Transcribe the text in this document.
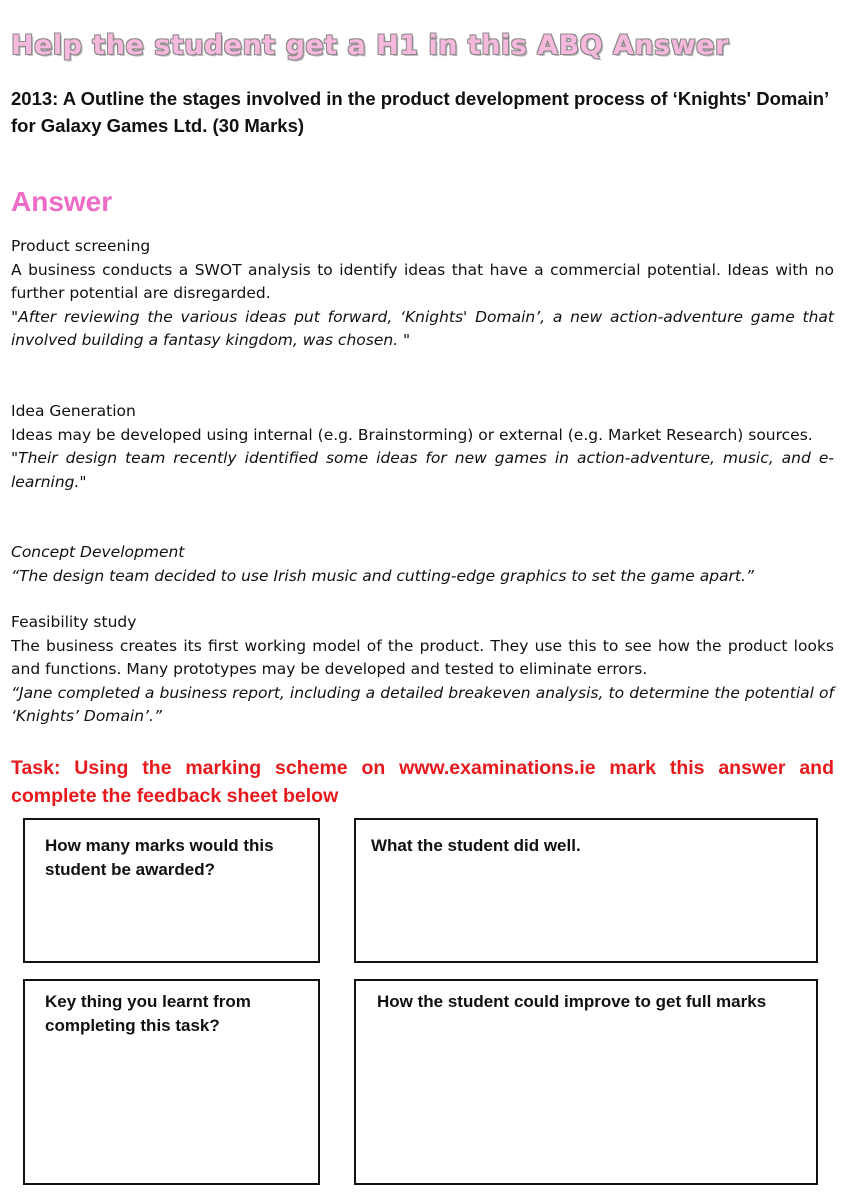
Help the student get a H1 in this ABQ Answer
2013: A Outline the stages involved in the product development process of ‘Knights' Domain’ for Galaxy Games Ltd. (30 Marks)
Answer
Product screening
A business conducts a SWOT analysis to identify ideas that have a commercial potential. Ideas with no further potential are disregarded.
"After reviewing the various ideas put forward, ‘Knights' Domain’, a new action-adventure game that involved building a fantasy kingdom, was chosen. "
Idea Generation
Ideas may be developed using internal (e.g. Brainstorming) or external (e.g. Market Research) sources.
"Their design team recently identified some ideas for new games in action-adventure, music, and e-learning."
Concept Development
“The design team decided to use Irish music and cutting-edge graphics to set the game apart.”
Feasibility study
The business creates its first working model of the product. They use this to see how the product looks and functions. Many prototypes may be developed and tested to eliminate errors.
“Jane completed a business report, including a detailed breakeven analysis, to determine the potential of ‘Knights’ Domain’.”
Task: Using the marking scheme on www.examinations.ie mark this answer and complete the feedback sheet below
How many marks would this student be awarded?
What the student did well.
Key thing you learnt from completing this task?
How the student could improve to get full marks
